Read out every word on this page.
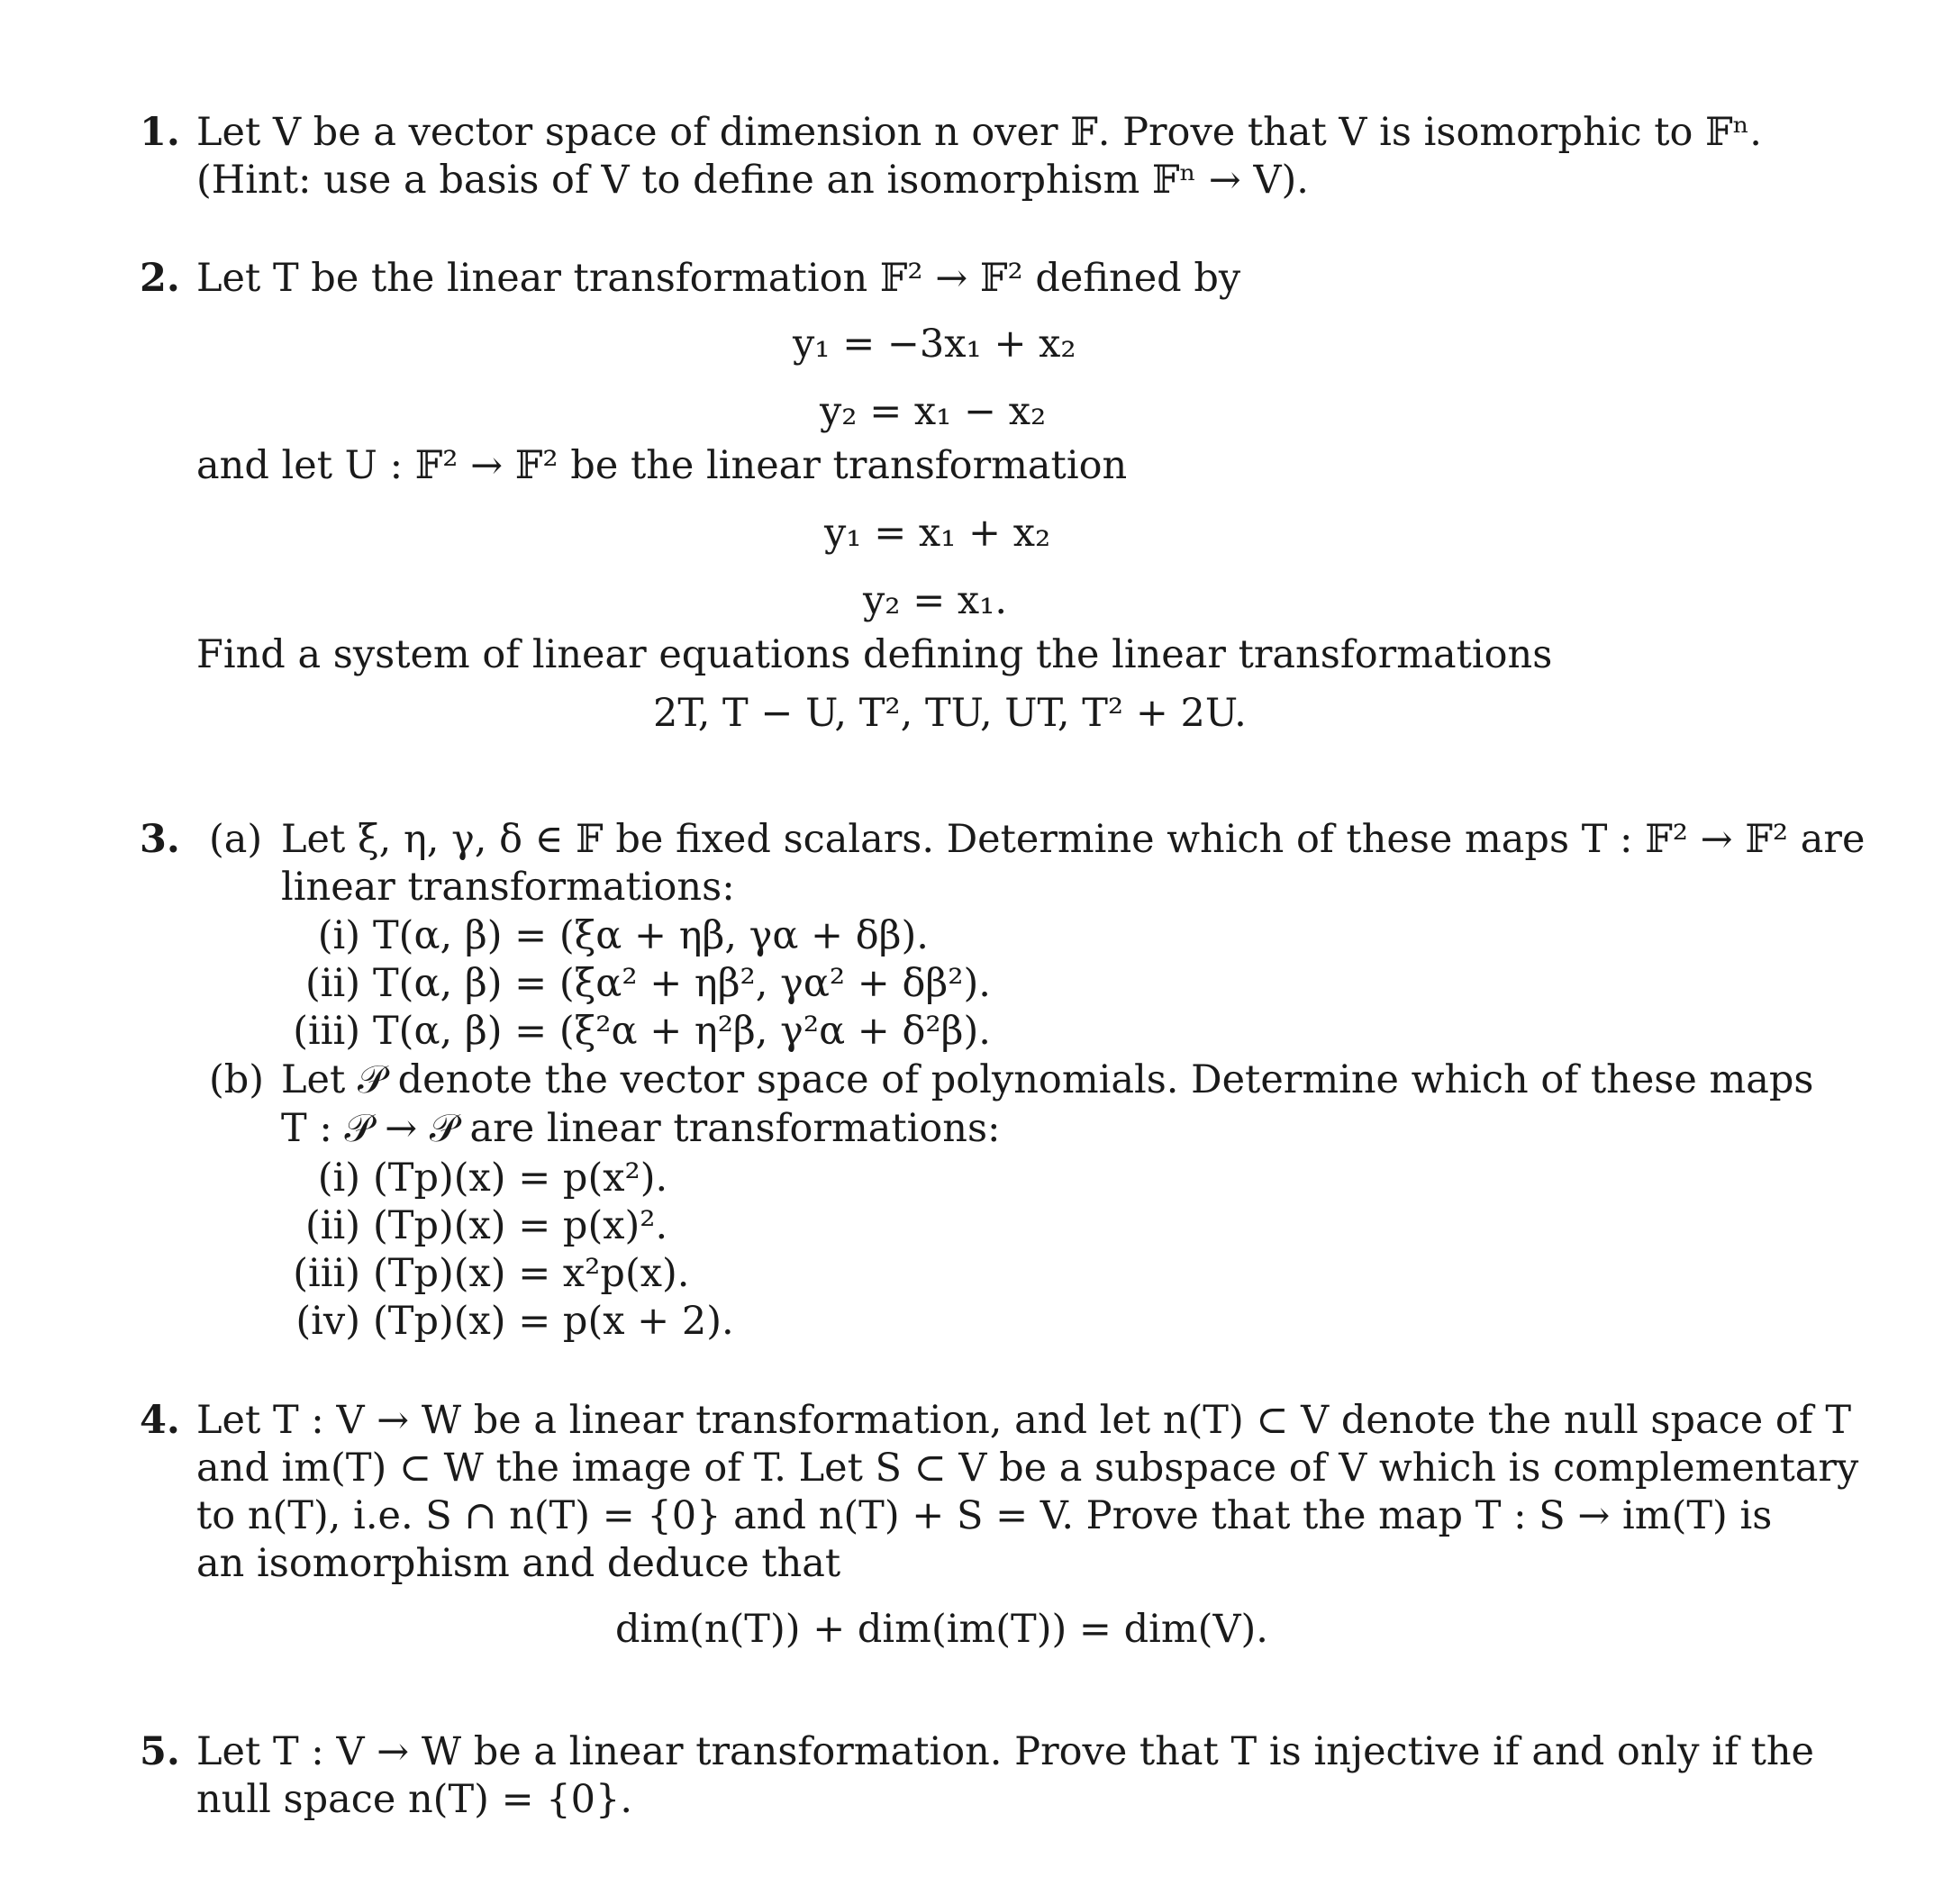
1. Let V be a vector space of dimension n over 𝔽. Prove that V is isomorphic to 𝔽ⁿ.
(Hint: use a basis of V to define an isomorphism 𝔽ⁿ → V).
2. Let T be the linear transformation 𝔽² → 𝔽² defined by
y₁ = −3x₁ + x₂
y₂ = x₁ − x₂
and let U : 𝔽² → 𝔽² be the linear transformation
y₁ = x₁ + x₂
y₂ = x₁.
Find a system of linear equations defining the linear transformations
2T, T − U, T², TU, UT, T² + 2U.
3. (a) Let ξ, η, γ, δ ∈ 𝔽 be fixed scalars. Determine which of these maps T : 𝔽² → 𝔽² are
linear transformations:
(i) T(α, β) = (ξα + ηβ, γα + δβ).
(ii) T(α, β) = (ξα² + ηβ², γα² + δβ²).
(iii) T(α, β) = (ξ²α + η²β, γ²α + δ²β).
(b) Let 𝒫 denote the vector space of polynomials. Determine which of these maps
T : 𝒫 → 𝒫 are linear transformations:
(i) (Tp)(x) = p(x²).
(ii) (Tp)(x) = p(x)².
(iii) (Tp)(x) = x²p(x).
(iv) (Tp)(x) = p(x + 2).
4. Let T : V → W be a linear transformation, and let n(T) ⊂ V denote the null space of T
and im(T) ⊂ W the image of T. Let S ⊂ V be a subspace of V which is complementary
to n(T), i.e. S ∩ n(T) = {0} and n(T) + S = V. Prove that the map T : S → im(T) is
an isomorphism and deduce that
dim(n(T)) + dim(im(T)) = dim(V).
5. Let T : V → W be a linear transformation. Prove that T is injective if and only if the
null space n(T) = {0}.
